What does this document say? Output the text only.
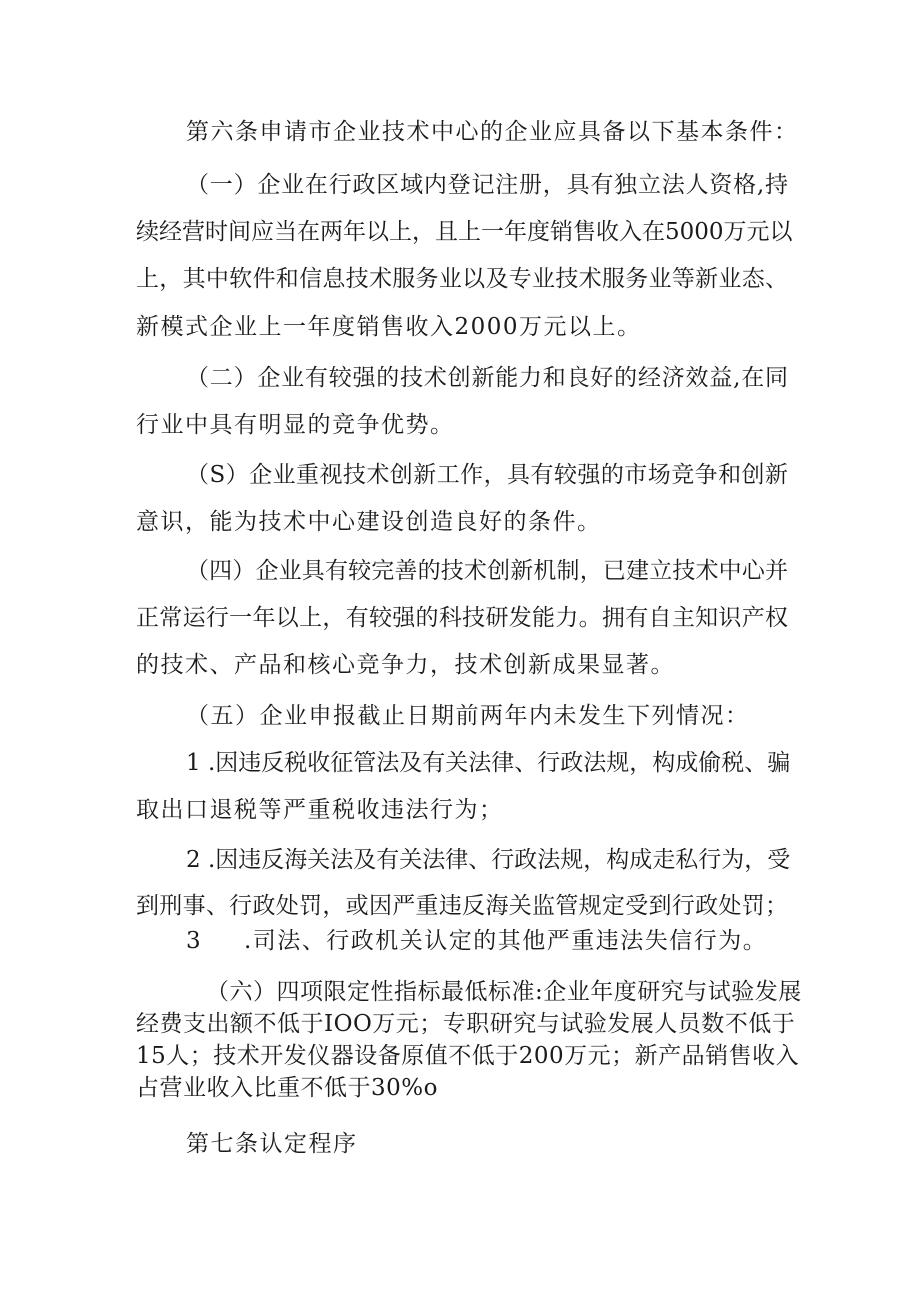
第六条申请市企业技术中心的企业应具备以下基本条件：
（一）企业在行政区域内登记注册，具有独立法人资格,持
续经营时间应当在两年以上，且上一年度销售收入在5000万元以
上，其中软件和信息技术服务业以及专业技术服务业等新业态、
新模式企业上一年度销售收入2000万元以上。
（二）企业有较强的技术创新能力和良好的经济效益,在同
行业中具有明显的竞争优势。
（S）企业重视技术创新工作，具有较强的市场竞争和创新
意识，能为技术中心建设创造良好的条件。
（四）企业具有较完善的技术创新机制，已建立技术中心并
正常运行一年以上，有较强的科技研发能力。拥有自主知识产权
的技术、产品和核心竞争力，技术创新成果显著。
（五）企业申报截止日期前两年内未发生下列情况：
1 .因违反税收征管法及有关法律、行政法规，构成偷税、骗
取出口退税等严重税收违法行为；
2 .因违反海关法及有关法律、行政法规，构成走私行为，受
到刑事、行政处罚，或因严重违反海关监管规定受到行政处罚；
3 .司法、行政机关认定的其他严重违法失信行为。
（六）四项限定性指标最低标准:企业年度研究与试验发展
经费支出额不低于IOO万元；专职研究与试验发展人员数不低于
15人；技术开发仪器设备原值不低于200万元；新产品销售收入
占营业收入比重不低于30%o
第七条认定程序
